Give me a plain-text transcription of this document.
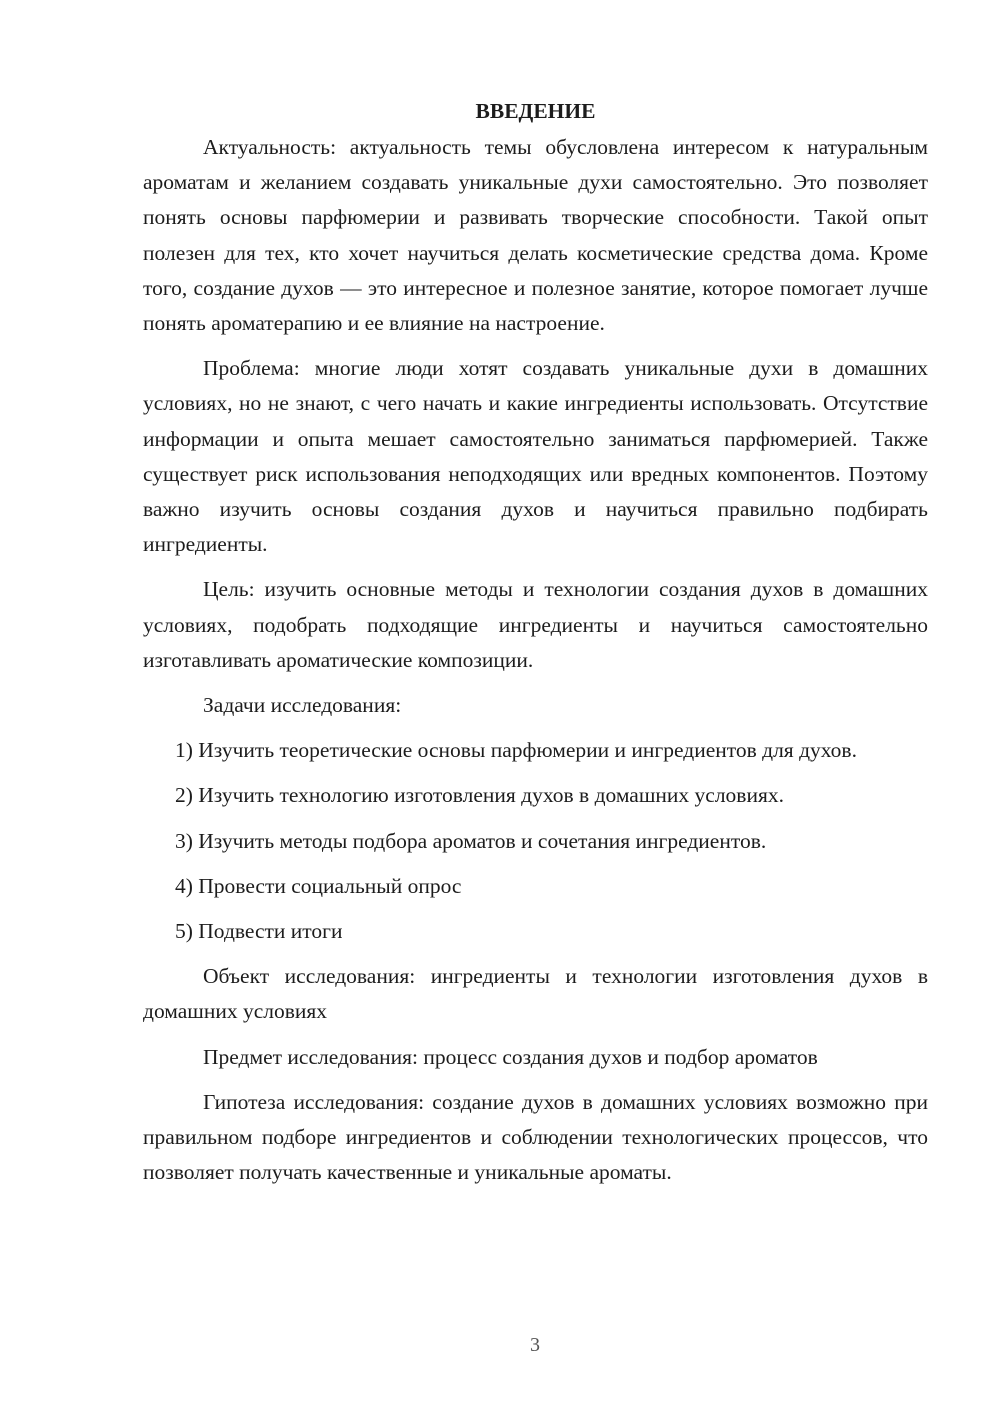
ВВЕДЕНИЕ

Актуальность: актуальность темы обусловлена интересом к натуральным ароматам и желанием создавать уникальные духи самостоятельно. Это позволяет понять основы парфюмерии и развивать творческие способности. Такой опыт полезен для тех, кто хочет научиться делать косметические средства дома. Кроме того, создание духов — это интересное и полезное занятие, которое помогает лучше понять ароматерапию и ее влияние на настроение.

Проблема: многие люди хотят создавать уникальные духи в домашних условиях, но не знают, с чего начать и какие ингредиенты использовать. Отсутствие информации и опыта мешает самостоятельно заниматься парфюмерией. Также существует риск использования неподходящих или вредных компонентов. Поэтому важно изучить основы создания духов и научиться правильно подбирать ингредиенты.

Цель: изучить основные методы и технологии создания духов в домашних условиях, подобрать подходящие ингредиенты и научиться самостоятельно изготавливать ароматические композиции.

Задачи исследования:

1) Изучить теоретические основы парфюмерии и ингредиентов для духов.

2) Изучить технологию изготовления духов в домашних условиях.

3) Изучить методы подбора ароматов и сочетания ингредиентов.

4) Провести социальный опрос

5) Подвести итоги

Объект исследования: ингредиенты и технологии изготовления духов в домашних условиях

Предмет исследования: процесс создания духов и подбор ароматов

Гипотеза исследования: создание духов в домашних условиях возможно при правильном подборе ингредиентов и соблюдении технологических процессов, что позволяет получать качественные и уникальные ароматы.

3
